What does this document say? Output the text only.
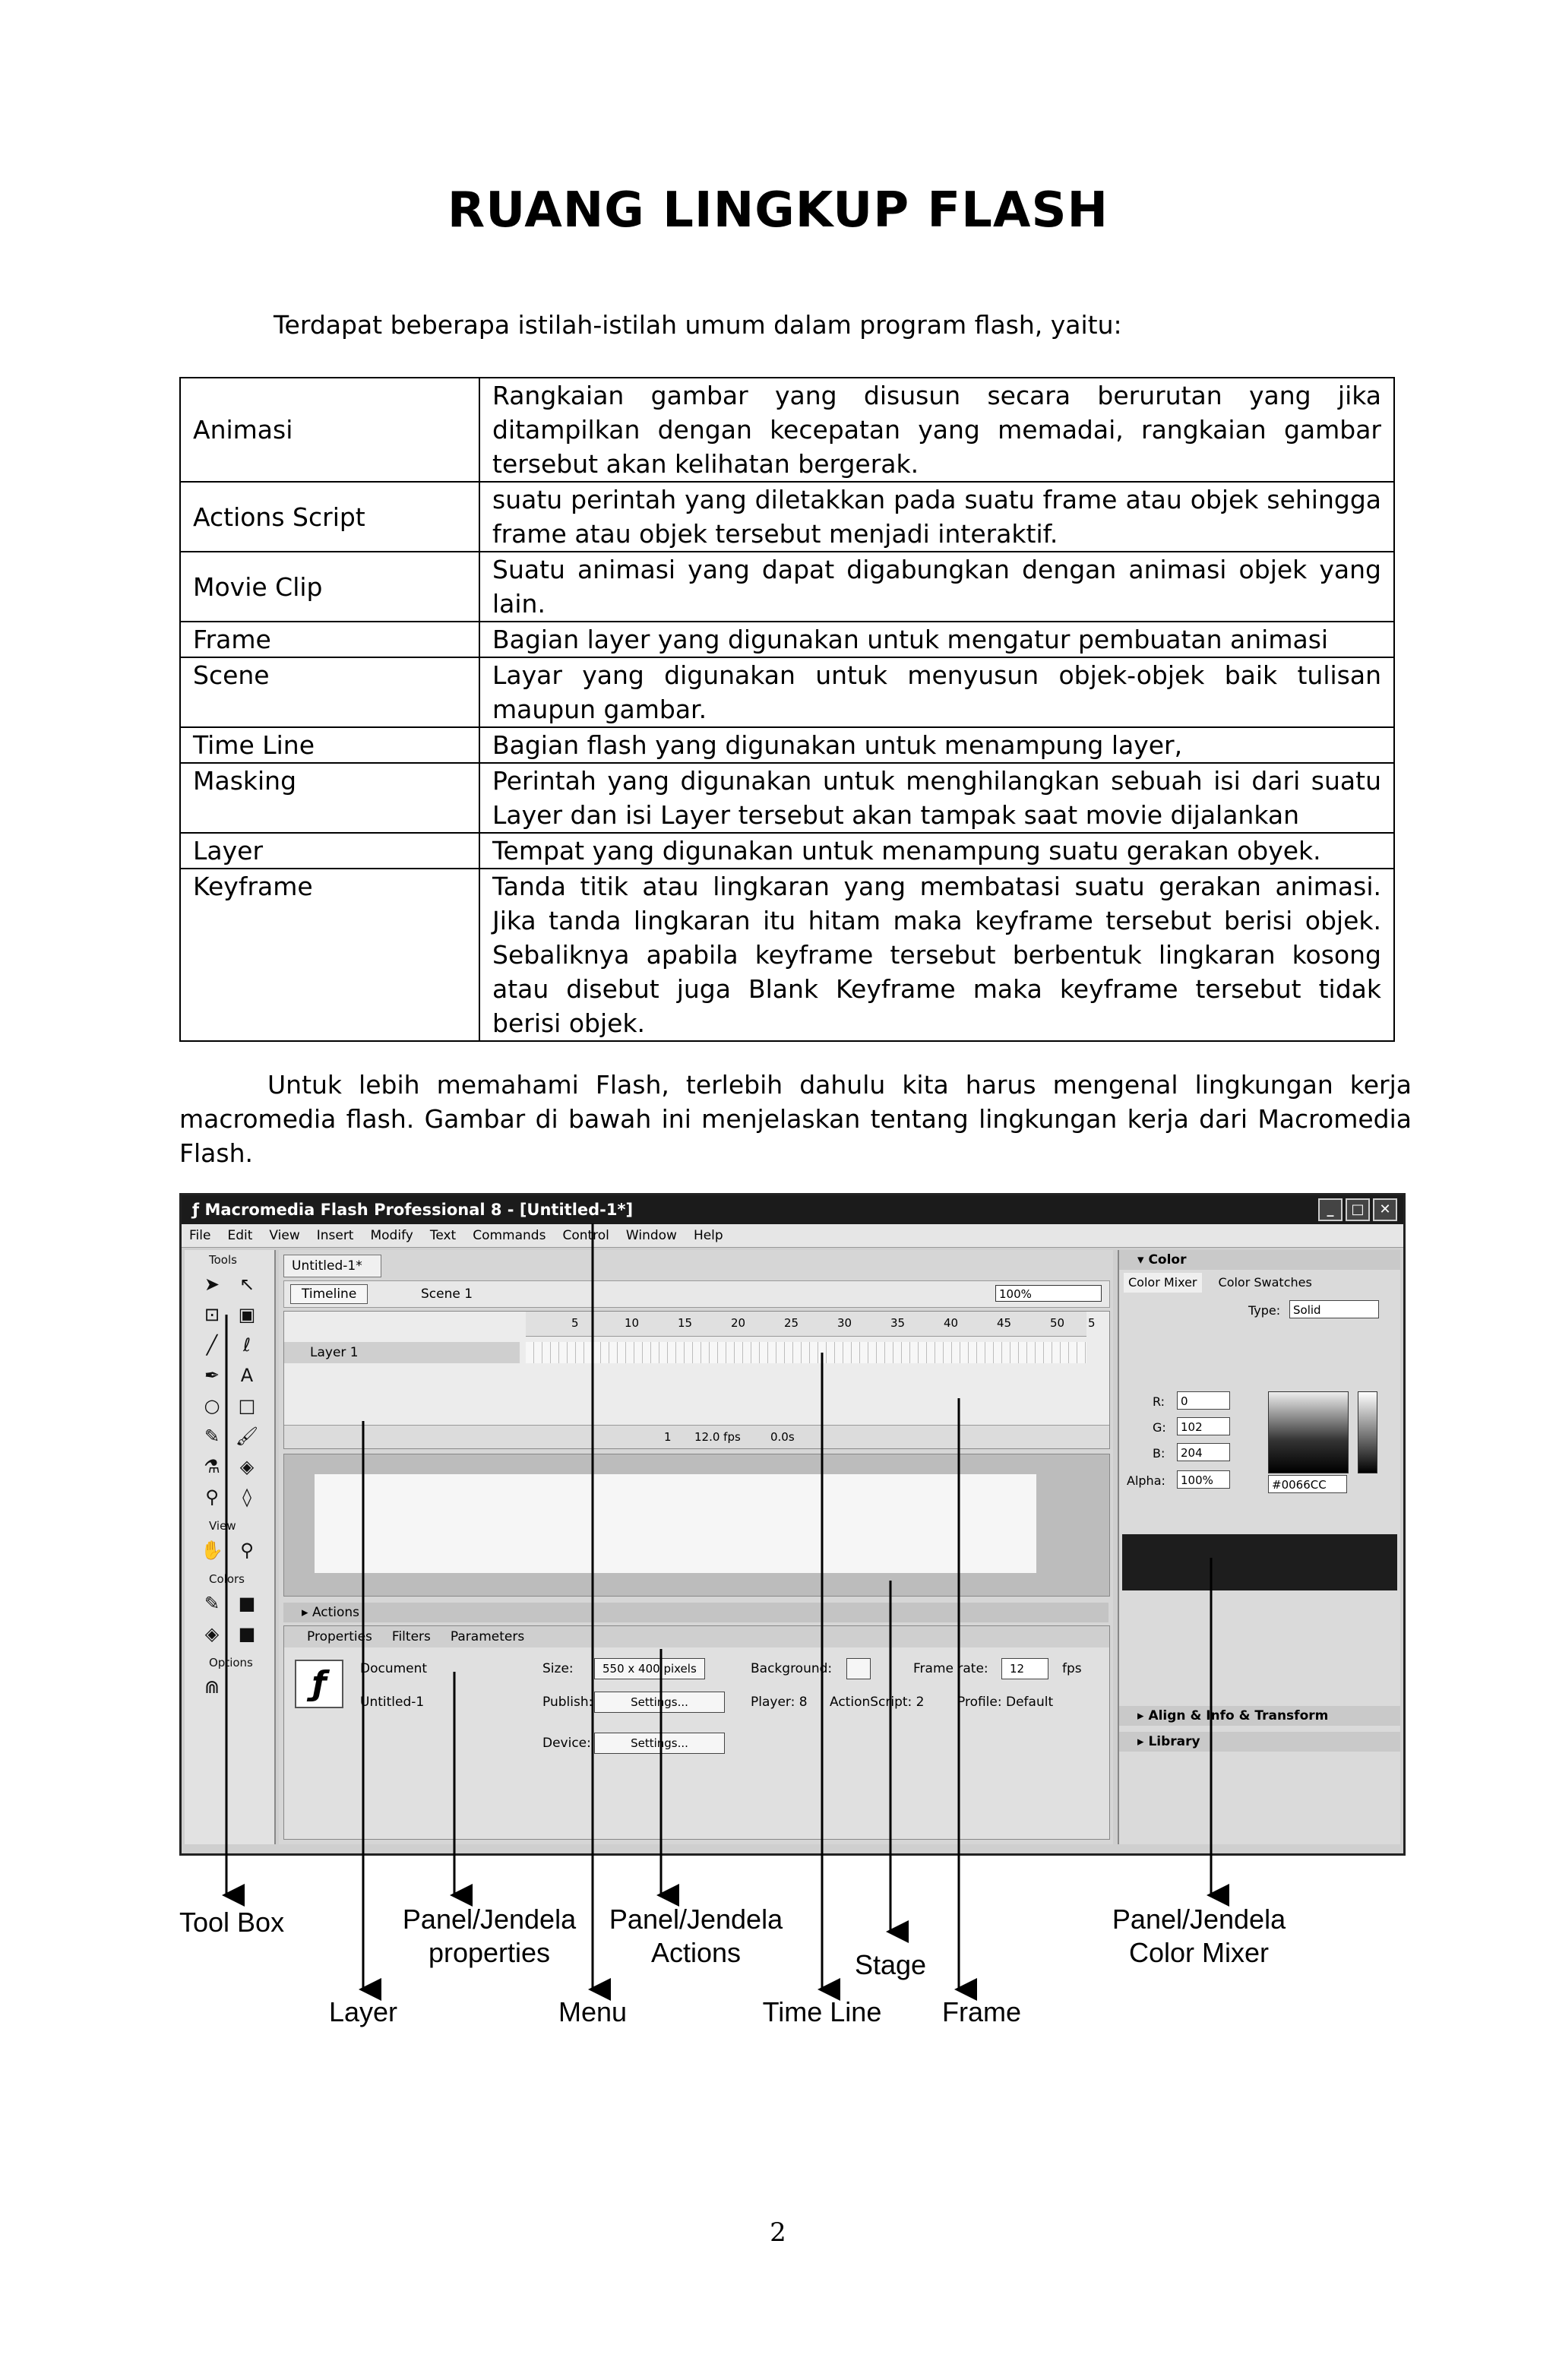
RUANG LINGKUP FLASH
Terdapat beberapa istilah-istilah umum dalam program flash, yaitu:
Animasi	Rangkaian gambar yang disusun secara berurutan yang jika ditampilkan dengan kecepatan yang memadai, rangkaian gambar tersebut akan kelihatan bergerak.
Actions Script	suatu perintah yang diletakkan pada suatu frame atau objek sehingga frame atau objek tersebut menjadi interaktif.
Movie Clip	Suatu animasi yang dapat digabungkan dengan animasi objek yang lain.
Frame	Bagian layer yang digunakan untuk mengatur pembuatan animasi
Scene	Layar yang digunakan untuk menyusun objek-objek baik tulisan maupun gambar.
Time Line	Bagian flash yang digunakan untuk menampung layer,
Masking	Perintah yang digunakan untuk menghilangkan sebuah isi dari suatu Layer dan isi Layer tersebut akan tampak saat movie dijalankan
Layer	Tempat yang digunakan untuk menampung suatu gerakan obyek.
Keyframe	Tanda titik atau lingkaran yang membatasi suatu gerakan animasi. Jika tanda lingkaran itu hitam maka keyframe tersebut berisi objek. Sebaliknya apabila keyframe tersebut berbentuk lingkaran kosong atau disebut juga Blank Keyframe maka keyframe tersebut tidak berisi objek.
Untuk lebih memahami Flash, terlebih dahulu kita harus mengenal lingkungan kerja macromedia flash. Gambar di bawah ini menjelaskan tentang lingkungan kerja dari Macromedia Flash.
ƒ Macromedia Flash Professional 8 - [Untitled-1*]	_	□	✕
File Edit View Insert Modify Text Commands Control Window Help
Tools
➤	↖
⊡	▣
╱	ℓ
✒	A
○	□
✎ 🖌
⚗	◈
⚲	◊
View
✋ ⚲
Colors
✎	■
◈	■
Options
⋒
Untitled-1*
Timeline	Scene 1	100%
5	10	15	20	25	30	35	40	45	50 5
Layer 1
1 12.0 fps	0.0s
▸ Actions
Properties Filters Parameters
ƒ	Document
Untitled-1
Size:	550 x 400 pixels	Background:	Frame rate:	12	fps
Publish:	Settings...	Player: 8 ActionScript: 2	Profile: Default
Device:	Settings...
▾ Color
Color Mixer	Color Swatches
Type:	Solid
R:	0
G:	102
B:	204
Alpha:	100%	#0066CC
▸ Align & Info & Transform
▸ Library
Tool Box	Panel/Jendela
properties
Panel/Jendela
Actions	Stage
Panel/Jendela
Color Mixer
Layer	Menu	Time Line	Frame
2
